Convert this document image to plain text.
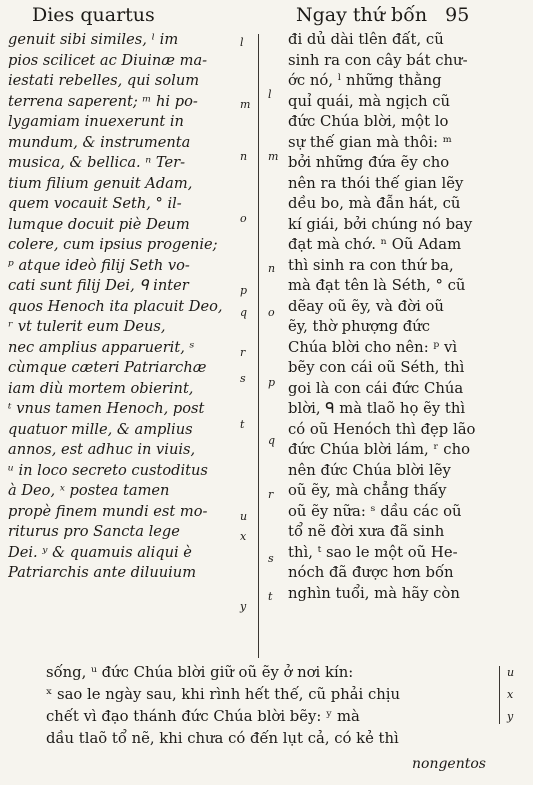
Dies quartus	Ngay thứ bốn 95
genuit sibi similes, ˡ im
pios scilicet ac Diuinæ ma-
iestati rebelles, qui solum
terrena saperent; ᵐ hi po-
lygamiam inuexerunt in
mundum, & instrumenta
musica, & bellica. ⁿ Ter-
tium filium genuit Adam,
quem vocauit Seth, ° il-
lumque docuit piè Deum
colere, cum ipsius progenie;
ᵖ atque ideò filij Seth vo-
cati sunt filij Dei, ᑫ inter
quos Henoch ita placuit Deo,
ʳ vt tulerit eum Deus,
nec amplius apparuerit, ˢ
cùmque cæteri Patriarchæ
iam diù mortem obierint,
ᵗ vnus tamen Henoch, post
quatuor mille, & amplius
annos, est adhuc in viuis,
ᵘ in loco secreto custoditus
à Deo, ˣ postea tamen
propè finem mundi est mo-
riturus pro Sancta lege
Dei. ʸ & quamuis aliqui è
Patriarchis ante diluuium
l
m
n
o
p
q
r
s
t
u
x
y
l
m
n
o
p
q
r
s
t
đi dủ dài tlên đất, cũ
sinh ra con cây bát chư-
ớc nó, ˡ những thằng
quỉ quái, mà ngịch cũ
đức Chúa blời, một lo
sự thế gian mà thôi: ᵐ
bởi những đứa ẽy cho
nên ra thói thế gian lẽy
dều bo, mà đẫn hát, cũ
kí giái, bởi chúng nó bay
đạt mà chớ. ⁿ Oũ Adam
thì sinh ra con thứ ba,
mà đạt tên là Séth, ° cũ
dẽay oũ ẽy, và đời oũ
ẽy, thờ phượng đức
Chúa blời cho nên: ᵖ vì
bẽy con cái oũ Séth, thì
goi là con cái đức Chúa
blời, ᑫ mà tlaõ họ ẽy thì
có oũ Henóch thì đẹp lão
đức Chúa blời lám, ʳ cho
nên đức Chúa blời lẽy
oũ ẽy, mà chẳng thấy
oũ ẽy nữa: ˢ dầu các oũ
tổ nẽ đời xưa đã sinh
thì, ᵗ sao le một oũ He-
nóch đã được hơn bốn
nghìn tuổi, mà hãy còn
sống, ᵘ đức Chúa blời giữ oũ ẽy ở nơi kín:
ˣ sao le ngày sau, khi rình hết thế, cũ phải chịu
chết vì đạo thánh đức Chúa blời bẽy: ʸ mà
dầu tlaõ tổ nẽ, khi chưa có đến lụt cả, có kẻ thì
u
x
y
nongentos
